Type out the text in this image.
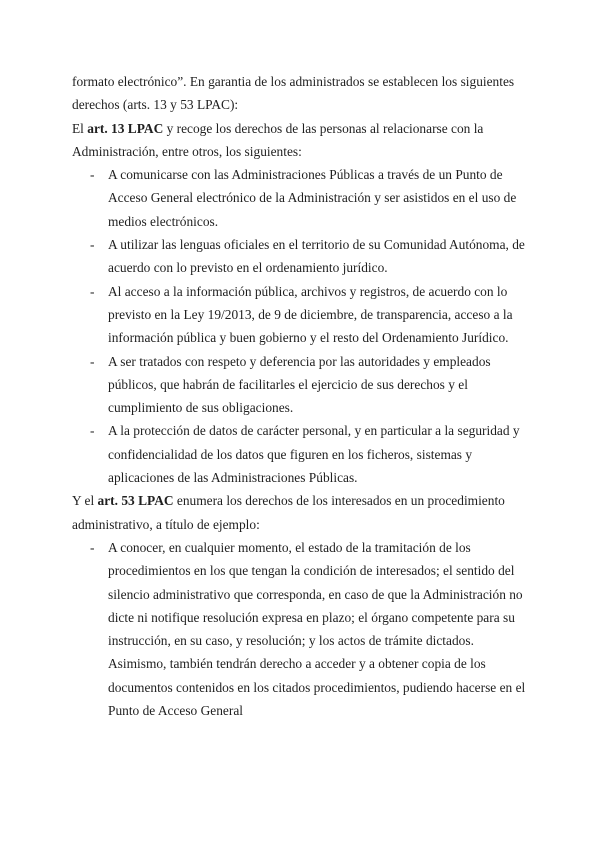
formato electrónico”. En garantia de los administrados se establecen los siguientes derechos (arts. 13 y 53 LPAC):

El art. 13 LPAC y recoge los derechos de las personas al relacionarse con la Administración, entre otros, los siguientes:

- A comunicarse con las Administraciones Públicas a través de un Punto de Acceso General electrónico de la Administración y ser asistidos en el uso de medios electrónicos.
- A utilizar las lenguas oficiales en el territorio de su Comunidad Autónoma, de acuerdo con lo previsto en el ordenamiento jurídico.
- Al acceso a la información pública, archivos y registros, de acuerdo con lo previsto en la Ley 19/2013, de 9 de diciembre, de transparencia, acceso a la información pública y buen gobierno y el resto del Ordenamiento Jurídico.
- A ser tratados con respeto y deferencia por las autoridades y empleados públicos, que habrán de facilitarles el ejercicio de sus derechos y el cumplimiento de sus obligaciones.
- A la protección de datos de carácter personal, y en particular a la seguridad y confidencialidad de los datos que figuren en los ficheros, sistemas y aplicaciones de las Administraciones Públicas.

Y el art. 53 LPAC enumera los derechos de los interesados en un procedimiento administrativo, a título de ejemplo:

- A conocer, en cualquier momento, el estado de la tramitación de los procedimientos en los que tengan la condición de interesados; el sentido del silencio administrativo que corresponda, en caso de que la Administración no dicte ni notifique resolución expresa en plazo; el órgano competente para su instrucción, en su caso, y resolución; y los actos de trámite dictados. Asimismo, también tendrán derecho a acceder y a obtener copia de los documentos contenidos en los citados procedimientos, pudiendo hacerse en el Punto de Acceso General
